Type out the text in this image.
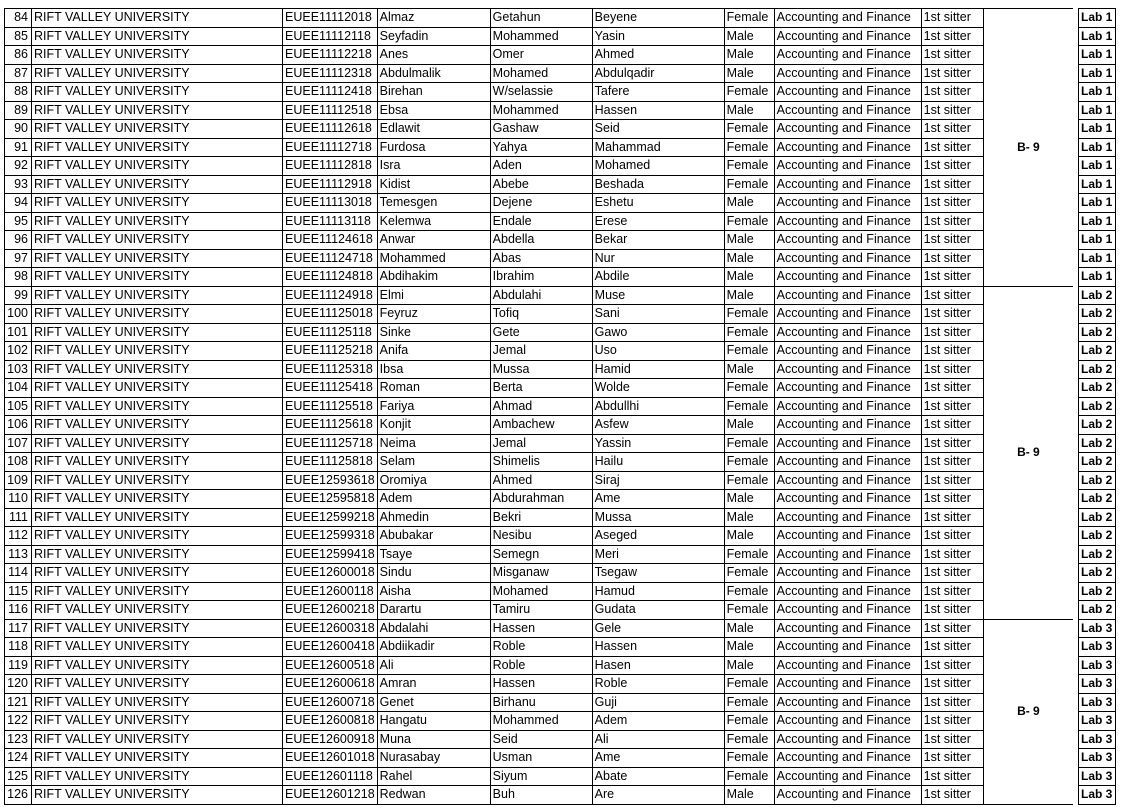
84	RIFT VALLEY UNIVERSITY	EUEE11112018	Almaz	Getahun	Beyene	Female	Accounting and Finance	1st sitter	B- 9		Lab 1
85	RIFT VALLEY UNIVERSITY	EUEE11112118	Seyfadin	Mohammed	Yasin	Male	Accounting and Finance	1st sitter			Lab 1
86	RIFT VALLEY UNIVERSITY	EUEE11112218	Anes	Omer	Ahmed	Male	Accounting and Finance	1st sitter			Lab 1
87	RIFT VALLEY UNIVERSITY	EUEE11112318	Abdulmalik	Mohamed	Abdulqadir	Male	Accounting and Finance	1st sitter			Lab 1
88	RIFT VALLEY UNIVERSITY	EUEE11112418	Birehan	W/selassie	Tafere	Female	Accounting and Finance	1st sitter			Lab 1
89	RIFT VALLEY UNIVERSITY	EUEE11112518	Ebsa	Mohammed	Hassen	Male	Accounting and Finance	1st sitter			Lab 1
90	RIFT VALLEY UNIVERSITY	EUEE11112618	Edlawit	Gashaw	Seid	Female	Accounting and Finance	1st sitter			Lab 1
91	RIFT VALLEY UNIVERSITY	EUEE11112718	Furdosa	Yahya	Mahammad	Female	Accounting and Finance	1st sitter			Lab 1
92	RIFT VALLEY UNIVERSITY	EUEE11112818	Isra	Aden	Mohamed	Female	Accounting and Finance	1st sitter			Lab 1
93	RIFT VALLEY UNIVERSITY	EUEE11112918	Kidist	Abebe	Beshada	Female	Accounting and Finance	1st sitter			Lab 1
94	RIFT VALLEY UNIVERSITY	EUEE11113018	Temesgen	Dejene	Eshetu	Male	Accounting and Finance	1st sitter			Lab 1
95	RIFT VALLEY UNIVERSITY	EUEE11113118	Kelemwa	Endale	Erese	Female	Accounting and Finance	1st sitter			Lab 1
96	RIFT VALLEY UNIVERSITY	EUEE11124618	Anwar	Abdella	Bekar	Male	Accounting and Finance	1st sitter			Lab 1
97	RIFT VALLEY UNIVERSITY	EUEE11124718	Mohammed	Abas	Nur	Male	Accounting and Finance	1st sitter			Lab 1
98	RIFT VALLEY UNIVERSITY	EUEE11124818	Abdihakim	Ibrahim	Abdile	Male	Accounting and Finance	1st sitter			Lab 1
99	RIFT VALLEY UNIVERSITY	EUEE11124918	Elmi	Abdulahi	Muse	Male	Accounting and Finance	1st sitter	B- 9		Lab 2
100	RIFT VALLEY UNIVERSITY	EUEE11125018	Feyruz	Tofiq	Sani	Female	Accounting and Finance	1st sitter			Lab 2
101	RIFT VALLEY UNIVERSITY	EUEE11125118	Sinke	Gete	Gawo	Female	Accounting and Finance	1st sitter			Lab 2
102	RIFT VALLEY UNIVERSITY	EUEE11125218	Anifa	Jemal	Uso	Female	Accounting and Finance	1st sitter			Lab 2
103	RIFT VALLEY UNIVERSITY	EUEE11125318	Ibsa	Mussa	Hamid	Male	Accounting and Finance	1st sitter			Lab 2
104	RIFT VALLEY UNIVERSITY	EUEE11125418	Roman	Berta	Wolde	Female	Accounting and Finance	1st sitter			Lab 2
105	RIFT VALLEY UNIVERSITY	EUEE11125518	Fariya	Ahmad	Abdullhi	Female	Accounting and Finance	1st sitter			Lab 2
106	RIFT VALLEY UNIVERSITY	EUEE11125618	Konjit	Ambachew	Asfew	Male	Accounting and Finance	1st sitter			Lab 2
107	RIFT VALLEY UNIVERSITY	EUEE11125718	Neima	Jemal	Yassin	Female	Accounting and Finance	1st sitter			Lab 2
108	RIFT VALLEY UNIVERSITY	EUEE11125818	Selam	Shimelis	Hailu	Female	Accounting and Finance	1st sitter			Lab 2
109	RIFT VALLEY UNIVERSITY	EUEE12593618	Oromiya	Ahmed	Siraj	Female	Accounting and Finance	1st sitter			Lab 2
110	RIFT VALLEY UNIVERSITY	EUEE12595818	Adem	Abdurahman	Ame	Male	Accounting and Finance	1st sitter			Lab 2
111	RIFT VALLEY UNIVERSITY	EUEE12599218	Ahmedin	Bekri	Mussa	Male	Accounting and Finance	1st sitter			Lab 2
112	RIFT VALLEY UNIVERSITY	EUEE12599318	Abubakar	Nesibu	Aseged	Male	Accounting and Finance	1st sitter			Lab 2
113	RIFT VALLEY UNIVERSITY	EUEE12599418	Tsaye	Semegn	Meri	Female	Accounting and Finance	1st sitter			Lab 2
114	RIFT VALLEY UNIVERSITY	EUEE12600018	Sindu	Misganaw	Tsegaw	Female	Accounting and Finance	1st sitter			Lab 2
115	RIFT VALLEY UNIVERSITY	EUEE12600118	Aisha	Mohamed	Hamud	Female	Accounting and Finance	1st sitter			Lab 2
116	RIFT VALLEY UNIVERSITY	EUEE12600218	Darartu	Tamiru	Gudata	Female	Accounting and Finance	1st sitter			Lab 2
117	RIFT VALLEY UNIVERSITY	EUEE12600318	Abdalahi	Hassen	Gele	Male	Accounting and Finance	1st sitter	B- 9		Lab 3
118	RIFT VALLEY UNIVERSITY	EUEE12600418	Abdiikadir	Roble	Hassen	Male	Accounting and Finance	1st sitter			Lab 3
119	RIFT VALLEY UNIVERSITY	EUEE12600518	Ali	Roble	Hasen	Male	Accounting and Finance	1st sitter			Lab 3
120	RIFT VALLEY UNIVERSITY	EUEE12600618	Amran	Hassen	Roble	Female	Accounting and Finance	1st sitter			Lab 3
121	RIFT VALLEY UNIVERSITY	EUEE12600718	Genet	Birhanu	Guji	Female	Accounting and Finance	1st sitter			Lab 3
122	RIFT VALLEY UNIVERSITY	EUEE12600818	Hangatu	Mohammed	Adem	Female	Accounting and Finance	1st sitter			Lab 3
123	RIFT VALLEY UNIVERSITY	EUEE12600918	Muna	Seid	Ali	Female	Accounting and Finance	1st sitter			Lab 3
124	RIFT VALLEY UNIVERSITY	EUEE12601018	Nurasabay	Usman	Ame	Female	Accounting and Finance	1st sitter			Lab 3
125	RIFT VALLEY UNIVERSITY	EUEE12601118	Rahel	Siyum	Abate	Female	Accounting and Finance	1st sitter			Lab 3
126	RIFT VALLEY UNIVERSITY	EUEE12601218	Redwan	Buh	Are	Male	Accounting and Finance	1st sitter			Lab 3
